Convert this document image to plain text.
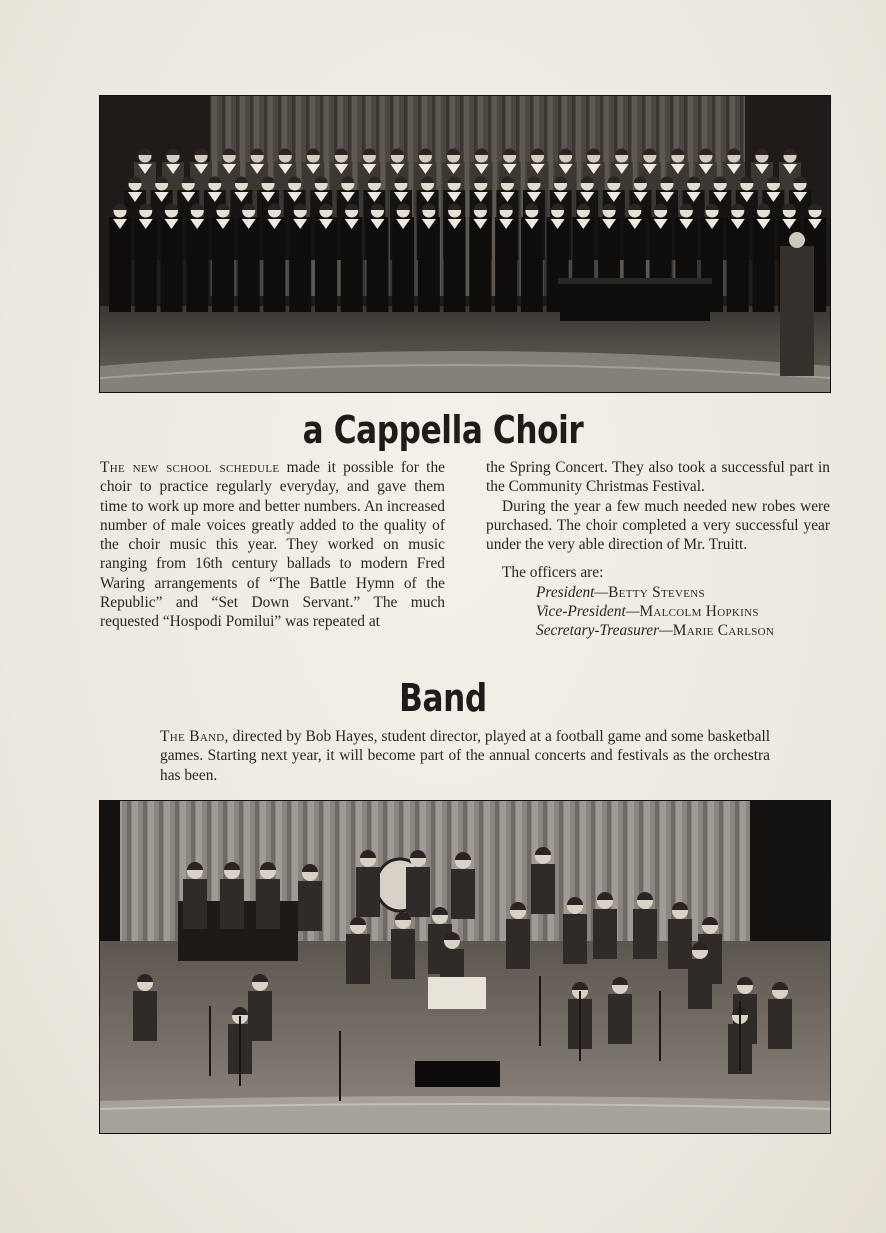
a Cappella Choir

The new school schedule made it possible for the choir to practice regularly everyday, and gave them time to work up more and better numbers. An increased number of male voices greatly added to the quality of the choir music this year. They worked on music ranging from 16th century ballads to modern Fred Waring arrangements of “The Battle Hymn of the Republic” and “Set Down Servant.” The much requested “Hospodi Pomilui” was repeated at

the Spring Concert. They also took a successful part in the Community Christmas Festival.

During the year a few much needed new robes were purchased. The choir completed a very successful year under the very able direction of Mr. Truitt.

The officers are:

President—Betty Stevens

Vice-President—Malcolm Hopkins

Secretary-Treasurer—Marie Carlson

Band
The Band, directed by Bob Hayes, student director, played at a football game and some basketball games. Starting next year, it will become part of the annual concerts and festivals as the orchestra has been.
